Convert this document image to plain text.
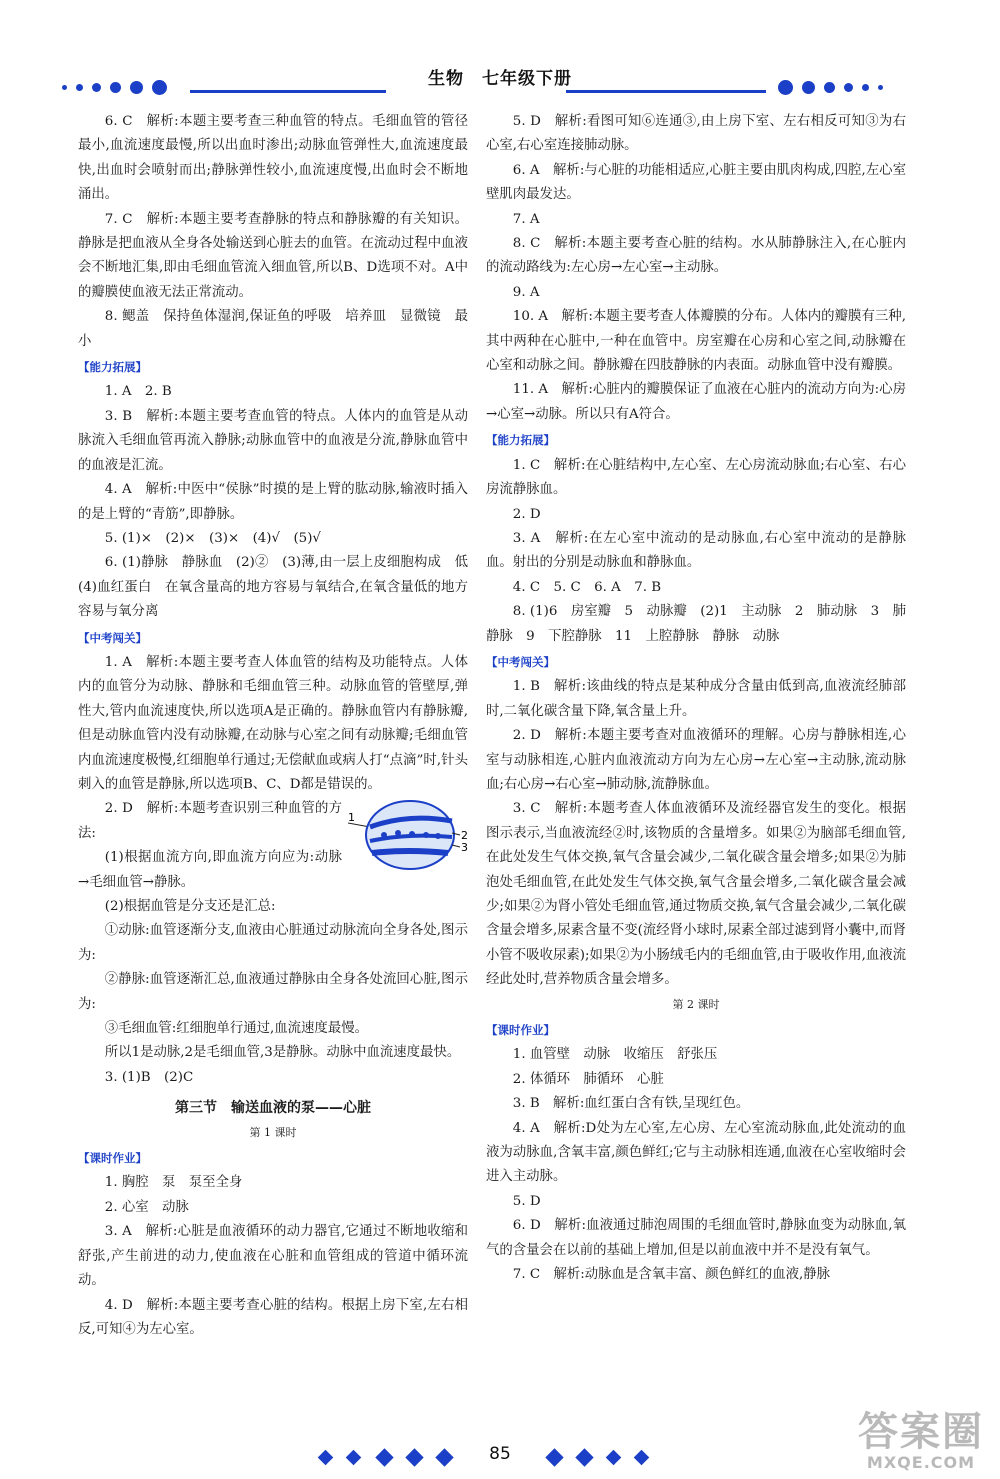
生物　七年级下册

6. C　解析:本题主要考查三种血管的特点。毛细血管的管径最小,血流速度最慢,所以出血时渗出;动脉血管弹性大,血流速度最快,出血时会喷射而出;静脉弹性较小,血流速度慢,出血时会不断地涌出。

7. C　解析:本题主要考查静脉的特点和静脉瓣的有关知识。静脉是把血液从全身各处输送到心脏去的血管。在流动过程中血液会不断地汇集,即由毛细血管流入细血管,所以B、D选项不对。A中的瓣膜使血液无法正常流动。

8. 鳃盖　保持鱼体湿润,保证鱼的呼吸　培养皿　显微镜　最小

【能力拓展】

1. A　2. B

3. B　解析:本题主要考查血管的特点。人体内的血管是从动脉流入毛细血管再流入静脉;动脉血管中的血液是分流,静脉血管中的血液是汇流。

4. A　解析:中医中“侯脉”时摸的是上臂的肱动脉,输液时插入的是上臂的“青筋”,即静脉。

5. (1)×　(2)×　(3)×　(4)√　(5)√

6. (1)静脉　静脉血　(2)②　(3)薄,由一层上皮细胞构成　低　(4)血红蛋白　在氧含量高的地方容易与氧结合,在氧含量低的地方容易与氧分离

【中考闯关】

1. A　解析:本题主要考查人体血管的结构及功能特点。人体内的血管分为动脉、静脉和毛细血管三种。动脉血管的管壁厚,弹性大,管内血流速度快,所以选项A是正确的。静脉血管内有静脉瓣,但是动脉血管内没有动脉瓣,在动脉与心室之间有动脉瓣;毛细血管内血流速度极慢,红细胞单行通过;无偿献血或病人打“点滴”时,针头刺入的血管是静脉,所以选项B、C、D都是错误的。

1
2
3

2. D　解析:本题考查识别三种血管的方法:

(1)根据血流方向,即血流方向应为:动脉→毛细血管→静脉。

(2)根据血管是分支还是汇总:

①动脉:血管逐渐分支,血液由心脏通过动脉流向全身各处,图示为:

②静脉:血管逐渐汇总,血液通过静脉由全身各处流回心脏,图示为:

③毛细血管:红细胞单行通过,血流速度最慢。

所以1是动脉,2是毛细血管,3是静脉。动脉中血流速度最快。

3. (1)B　(2)C

第三节　输送血液的泵——心脏

第 1 课时

【课时作业】

1. 胸腔　泵　泵至全身

2. 心室　动脉

3. A　解析:心脏是血液循环的动力器官,它通过不断地收缩和舒张,产生前进的动力,使血液在心脏和血管组成的管道中循环流动。

4. D　解析:本题主要考查心脏的结构。根据上房下室,左右相反,可知④为左心室。

5. D　解析:看图可知⑥连通③,由上房下室、左右相反可知③为右心室,右心室连接肺动脉。

6. A　解析:与心脏的功能相适应,心脏主要由肌肉构成,四腔,左心室壁肌肉最发达。

7. A

8. C　解析:本题主要考查心脏的结构。水从肺静脉注入,在心脏内的流动路线为:左心房→左心室→主动脉。

9. A

10. A　解析:本题主要考查人体瓣膜的分布。人体内的瓣膜有三种,其中两种在心脏中,一种在血管中。房室瓣在心房和心室之间,动脉瓣在心室和动脉之间。静脉瓣在四肢静脉的内表面。动脉血管中没有瓣膜。

11. A　解析:心脏内的瓣膜保证了血液在心脏内的流动方向为:心房→心室→动脉。所以只有A符合。

【能力拓展】

1. C　解析:在心脏结构中,左心室、左心房流动脉血;右心室、右心房流静脉血。

2. D

3. A　解析:在左心室中流动的是动脉血,右心室中流动的是静脉血。射出的分别是动脉血和静脉血。

4. C　5. C　6. A　7. B

8. (1)6　房室瓣　5　动脉瓣　(2)1　主动脉　2　肺动脉　3　肺静脉　9　下腔静脉　11　上腔静脉　静脉　动脉

【中考闯关】

1. B　解析:该曲线的特点是某种成分含量由低到高,血液流经肺部时,二氧化碳含量下降,氧含量上升。

2. D　解析:本题主要考查对血液循环的理解。心房与静脉相连,心室与动脉相连,心脏内血液流动方向为左心房→左心室→主动脉,流动脉血;右心房→右心室→肺动脉,流静脉血。

3. C　解析:本题考查人体血液循环及流经器官发生的变化。根据图示表示,当血液流经②时,该物质的含量增多。如果②为脑部毛细血管,在此处发生气体交换,氧气含量会减少,二氧化碳含量会增多;如果②为肺泡处毛细血管,在此处发生气体交换,氧气含量会增多,二氧化碳含量会减少;如果②为肾小管处毛细血管,通过物质交换,氧气含量会减少,二氧化碳含量会增多,尿素含量不变(流经肾小球时,尿素全部过滤到肾小囊中,而肾小管不吸收尿素);如果②为小肠绒毛内的毛细血管,由于吸收作用,血液流经此处时,营养物质含量会增多。

第 2 课时

【课时作业】

1. 血管壁　动脉　收缩压　舒张压

2. 体循环　肺循环　心脏

3. B　解析:血红蛋白含有铁,呈现红色。

4. A　解析:D处为左心室,左心房、左心室流动脉血,此处流动的血液为动脉血,含氧丰富,颜色鲜红;它与主动脉相连通,血液在心室收缩时会进入主动脉。

5. D

6. D　解析:血液通过肺泡周围的毛细血管时,静脉血变为动脉血,氧气的含量会在以前的基础上增加,但是以前血液中并不是没有氧气。

7. C　解析:动脉血是含氧丰富、颜色鲜红的血液,静脉

85	答案圈
MXQE.COM
